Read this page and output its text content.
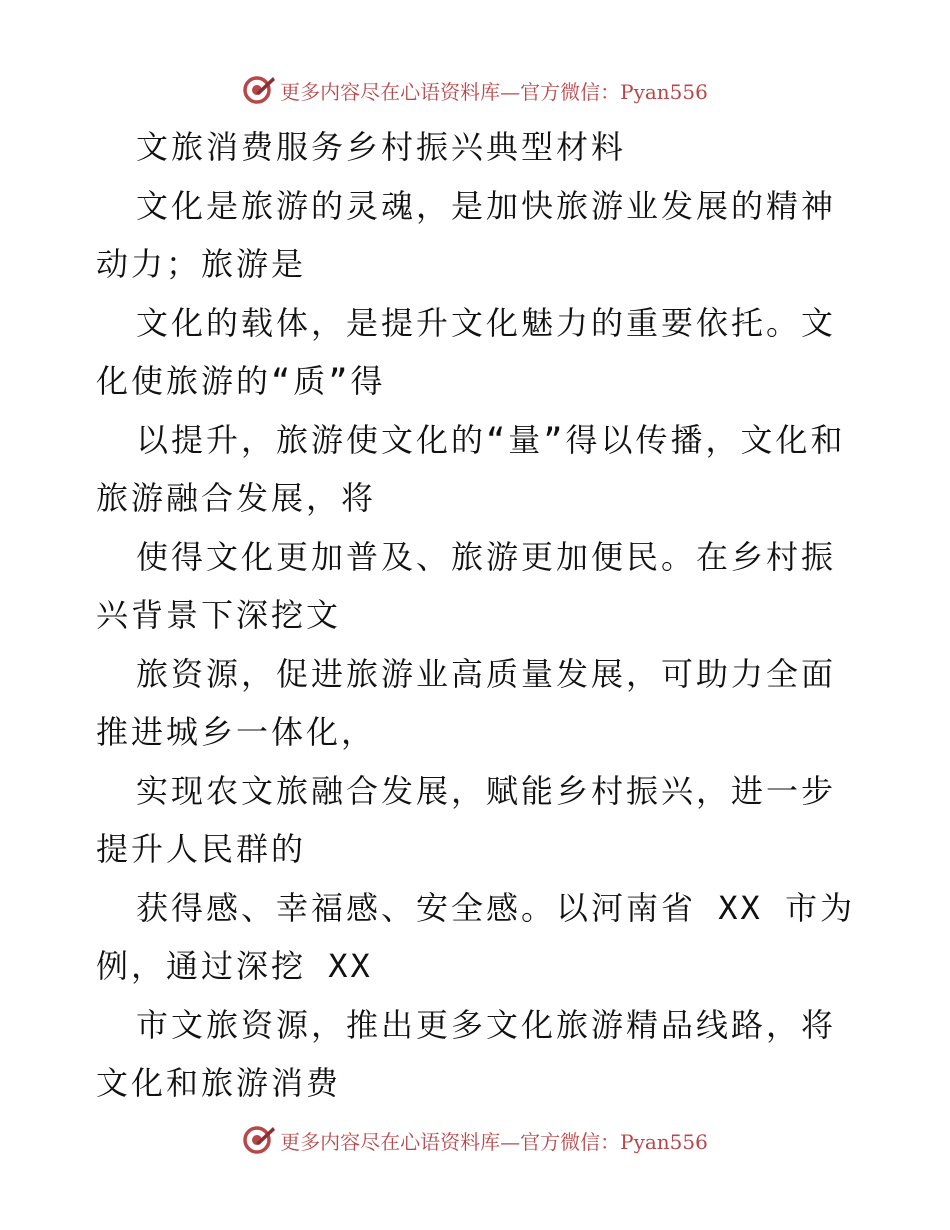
更多内容尽在心语资料库—官方微信：Pyan556

文旅消费服务乡村振兴典型材料

文化是旅游的灵魂，是加快旅游业发展的精神动力；旅游是

文化的载体，是提升文化魅力的重要依托。文化使旅游的“质”得

以提升，旅游使文化的“量”得以传播，文化和旅游融合发展，将

使得文化更加普及、旅游更加便民。在乡村振兴背景下深挖文

旅资源，促进旅游业高质量发展，可助力全面推进城乡一体化，

实现农文旅融合发展，赋能乡村振兴，进一步提升人民群的

获得感、幸福感、安全感。以河南省 XX 市为例，通过深挖 XX

市文旅资源，推出更多文化旅游精品线路，将文化和旅游消费

更多内容尽在心语资料库—官方微信：Pyan556
